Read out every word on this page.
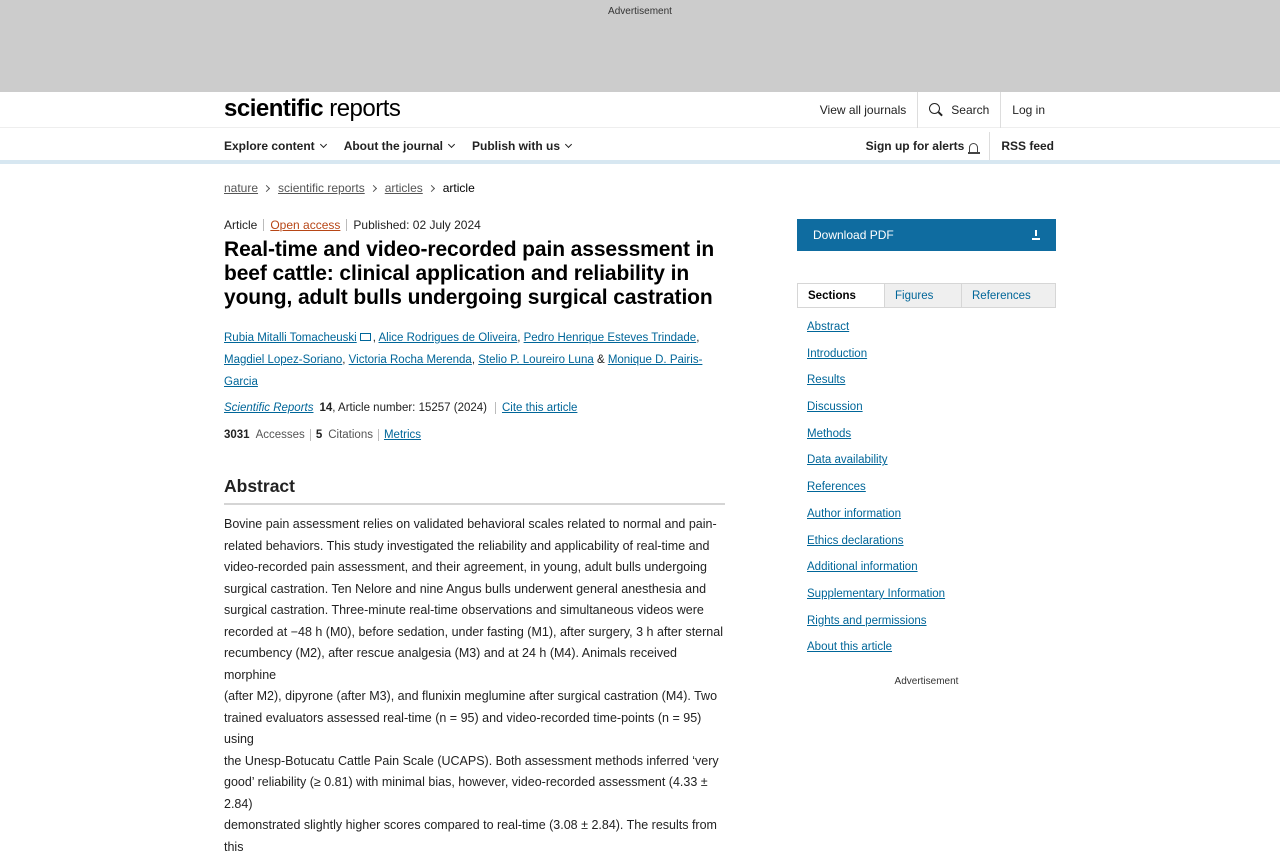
Advertisement
scientific reports	View all journals	Search	Log in
Explore content About the journal Publish with us	Sign up for alerts	RSS feed
nature scientific reports articles article
Article Open access Published: 02 July 2024
Real-time and video-recorded pain assessment in beef cattle: clinical application and reliability in young, adult bulls undergoing surgical castration
Rubia Mitalli Tomacheuski , Alice Rodrigues de Oliveira, Pedro Henrique Esteves Trindade, Magdiel Lopez-Soriano, Victoria Rocha Merenda, Stelio P. Loureiro Luna & Monique D. Pairis-Garcia
Scientific Reports 14 , Article number: 15257 (2024) Cite this article
3031 Accesses 5 Citations Metrics
Abstract
Bovine pain assessment relies on validated behavioral scales related to normal and pain-
related behaviors. This study investigated the reliability and applicability of real-time and
video-recorded pain assessment, and their agreement, in young, adult bulls undergoing
surgical castration. Ten Nelore and nine Angus bulls underwent general anesthesia and
surgical castration. Three-minute real-time observations and simultaneous videos were
recorded at −48 h (M0), before sedation, under fasting (M1), after surgery, 3 h after sternal
recumbency (M2), after rescue analgesia (M3) and at 24 h (M4). Animals received morphine
(after M2), dipyrone (after M3), and flunixin meglumine after surgical castration (M4). Two
trained evaluators assessed real-time (n = 95) and video-recorded time-points (n = 95) using
the Unesp-Botucatu Cattle Pain Scale (UCAPS). Both assessment methods inferred ‘very
good’ reliability (≥ 0.81) with minimal bias, however, video-recorded assessment (4.33 ± 2.84)
demonstrated slightly higher scores compared to real-time (3.08 ± 2.84). The results from this
Download PDF
Sections	Figures	References
Abstract
Introduction
Results
Discussion
Methods
Data availability
References
Author information
Ethics declarations
Additional information
Supplementary Information
Rights and permissions
About this article
Advertisement
